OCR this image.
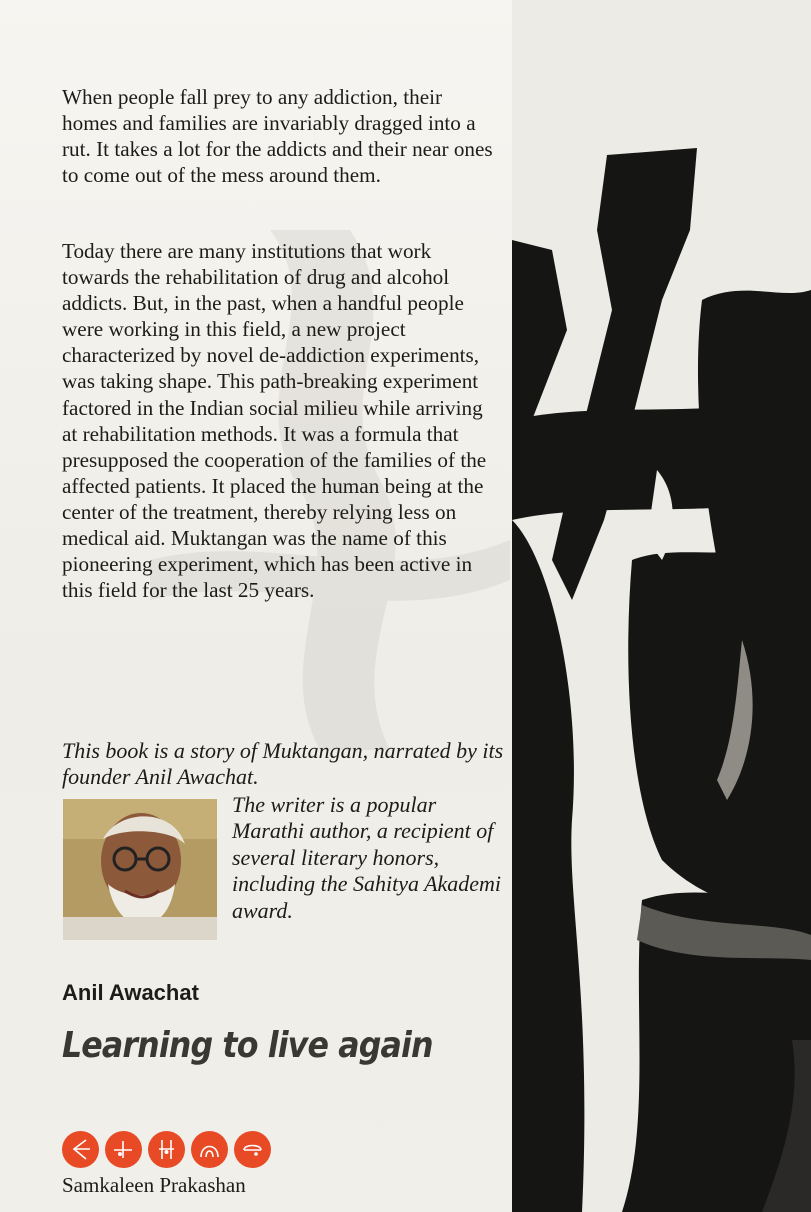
When people fall prey to any addiction, their homes and families are invariably dragged into a rut. It takes a lot for the addicts and their near ones to come out of the mess around them.

Today there are many institutions that work towards the rehabilitation of drug and alcohol addicts. But, in the past, when a handful people were working in this field, a new project characterized by novel de-addiction experiments, was taking shape. This path-breaking experiment factored in the Indian social milieu while arriving at rehabilitation methods. It was a formula that presupposed the cooperation of the families of the affected patients. It placed the human being at the center of the treatment, thereby relying less on medical aid. Muktangan was the name of this pioneering experiment, which has been active in this field for the last 25 years.

This book is a story of Muktangan, narrated by its founder Anil Awachat.

The writer is a popular Marathi author, a recipient of several literary honors, including the Sahitya Akademi award.

Anil Awachat

Learning to live again

Samkaleen Prakashan
